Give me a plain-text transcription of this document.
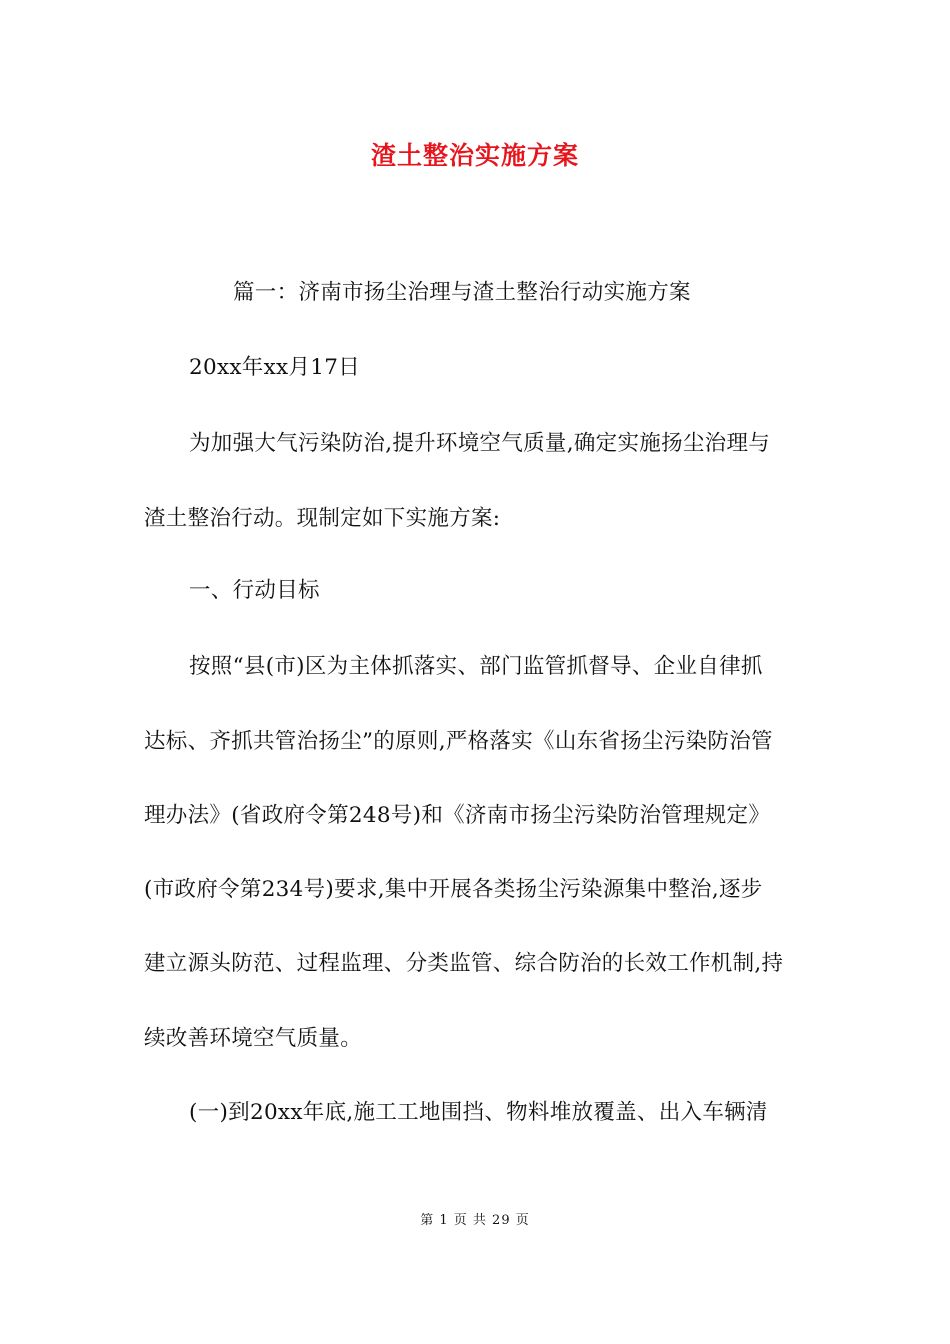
渣土整治实施方案
篇一：济南市扬尘治理与渣土整治行动实施方案
20xx年xx月17日
为加强大气污染防治,提升环境空气质量,确定实施扬尘治理与
渣土整治行动。现制定如下实施方案:
一、行动目标
按照“县(市)区为主体抓落实、部门监管抓督导、企业自律抓
达标、齐抓共管治扬尘”的原则,严格落实《山东省扬尘污染防治管
理办法》(省政府令第248号)和《济南市扬尘污染防治管理规定》
(市政府令第234号)要求,集中开展各类扬尘污染源集中整治,逐步
建立源头防范、过程监理、分类监管、综合防治的长效工作机制,持
续改善环境空气质量。
(一)到20xx年底,施工工地围挡、物料堆放覆盖、出入车辆清
第 1 页 共 29 页
